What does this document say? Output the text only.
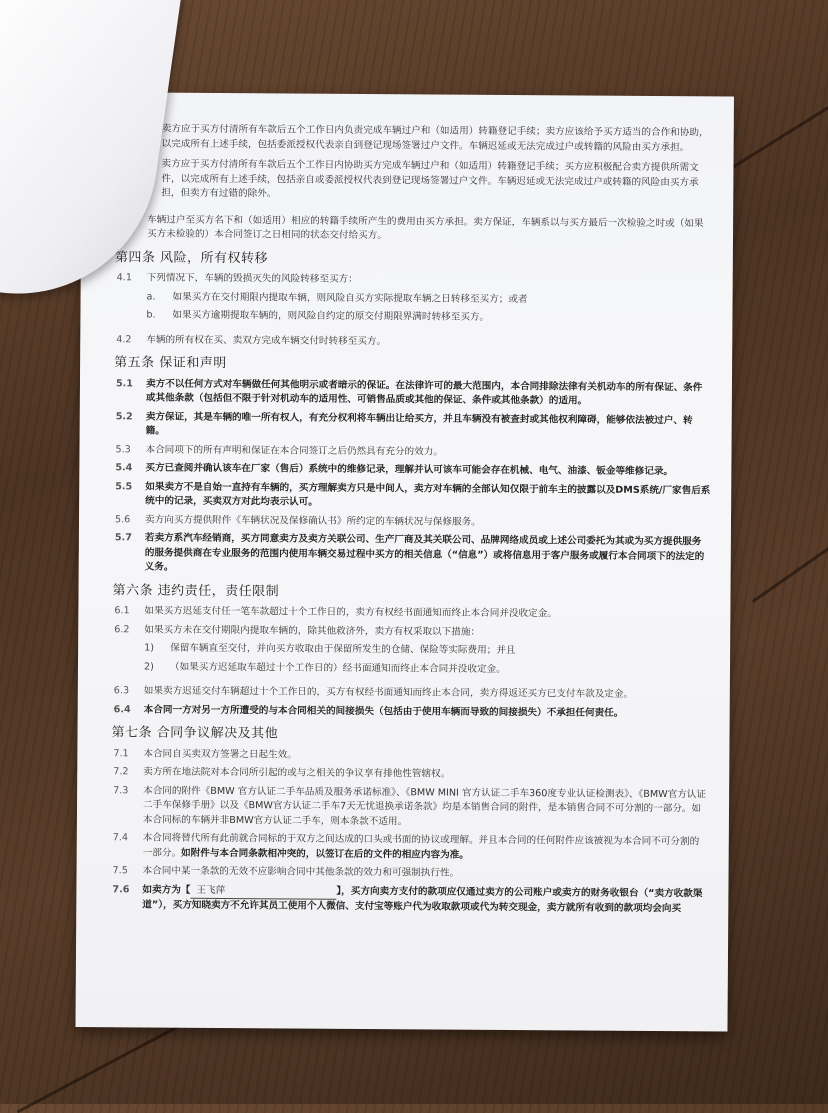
卖方应于买方付清所有车款后五个工作日内负责完成车辆过户和（如适用）转籍登记手续；卖方应该给予买方适当的合作和协助，以完成所有上述手续，包括委派授权代表亲自到登记现场签署过户文件。车辆迟延或无法完成过户或转籍的风险由买方承担。
卖方应于买方付清所有车款后五个工作日内协助买方完成车辆过户和（如适用）转籍登记手续；买方应积极配合卖方提供所需文件，以完成所有上述手续，包括亲自或委派授权代表到登记现场签署过户文件。车辆迟延或无法完成过户或转籍的风险由买方承担，但卖方有过错的除外。
车辆过户至买方名下和（如适用）相应的转籍手续所产生的费用由买方承担。卖方保证，车辆系以与买方最后一次检验之时或（如果买方未检验的）本合同签订之日相同的状态交付给买方。
第四条 风险，所有权转移
4.1	下列情况下，车辆的毁损灭失的风险转移至买方：
a.	如果买方在交付期限内提取车辆，则风险自买方实际提取车辆之日转移至买方；或者
b.	如果买方逾期提取车辆的，则风险自约定的原交付期限界满时转移至买方。
4.2	车辆的所有权在买、卖双方完成车辆交付时转移至买方。
第五条 保证和声明
5.1	卖方不以任何方式对车辆做任何其他明示或者暗示的保证。在法律许可的最大范围内，本合同排除法律有关机动车的所有保证、条件或其他条款（包括但不限于针对机动车的适用性、可销售品质或其他的保证、条件或其他条款）的适用。
5.2	卖方保证，其是车辆的唯一所有权人，有充分权利将车辆出让给买方，并且车辆没有被查封或其他权利障碍，能够依法被过户、转籍。
5.3	本合同项下的所有声明和保证在本合同签订之后仍然具有充分的效力。
5.4	买方已查阅并确认该车在厂家（售后）系统中的维修记录，理解并认可该车可能会存在机械、电气、油漆、钣金等维修记录。
5.5	如果卖方不是自始一直持有车辆的，买方理解卖方只是中间人，卖方对车辆的全部认知仅限于前车主的披露以及DMS系统/厂家售后系统中的记录，买卖双方对此均表示认可。
5.6	卖方向买方提供附件《车辆状况及保修确认书》所约定的车辆状况与保修服务。
5.7	若卖方系汽车经销商，买方同意卖方及卖方关联公司、生产厂商及其关联公司、品牌网络成员或上述公司委托为其或为买方提供服务的服务提供商在专业服务的范围内使用车辆交易过程中买方的相关信息（“信息”）或将信息用于客户服务或履行本合同项下的法定的义务。
第六条 违约责任，责任限制
6.1	如果买方迟延支付任一笔车款超过十个工作日的，卖方有权经书面通知而终止本合同并没收定金。
6.2	如果买方未在交付期限内提取车辆的，除其他救济外，卖方有权采取以下措施：
1)	保留车辆直至交付，并向买方收取由于保留所发生的仓储、保险等实际费用；并且
2)	（如果买方迟延取车超过十个工作日的）经书面通知而终止本合同并没收定金。
6.3	如果卖方迟延交付车辆超过十个工作日的，买方有权经书面通知而终止本合同，卖方得返还买方已支付车款及定金。
6.4	本合同一方对另一方所遭受的与本合同相关的间接损失（包括由于使用车辆而导致的间接损失）不承担任何责任。
第七条 合同争议解决及其他
7.1	本合同自买卖双方签署之日起生效。
7.2	卖方所在地法院对本合同所引起的或与之相关的争议享有排他性管辖权。
7.3	本合同的附件《BMW 官方认证二手车品质及服务承诺标准》、《BMW MINI 官方认证二手车360度专业认证检测表》、《BMW官方认证二手车保修手册》以及《BMW官方认证二手车7天无忧退换承诺条款》均是本销售合同的附件，是本销售合同不可分割的一部分。如本合同标的车辆并非BMW官方认证二手车，则本条款不适用。
7.4	本合同将替代所有此前就合同标的于双方之间达成的口头或书面的协议或理解。并且本合同的任何附件应该被视为本合同不可分割的一部分。如附件与本合同条款相冲突的，以签订在后的文件的相应内容为准。
7.5	本合同中某一条款的无效不应影响合同中其他条款的效力和可强制执行性。
7.6	如卖方为【 王飞萍	】，买方向卖方支付的款项应仅通过卖方的公司账户或卖方的财务收银台（“卖方收款渠道”），买方知晓卖方不允许其员工使用个人微信、支付宝等账户代为收取款项或代为转交现金，卖方就所有收到的款项均会向买
